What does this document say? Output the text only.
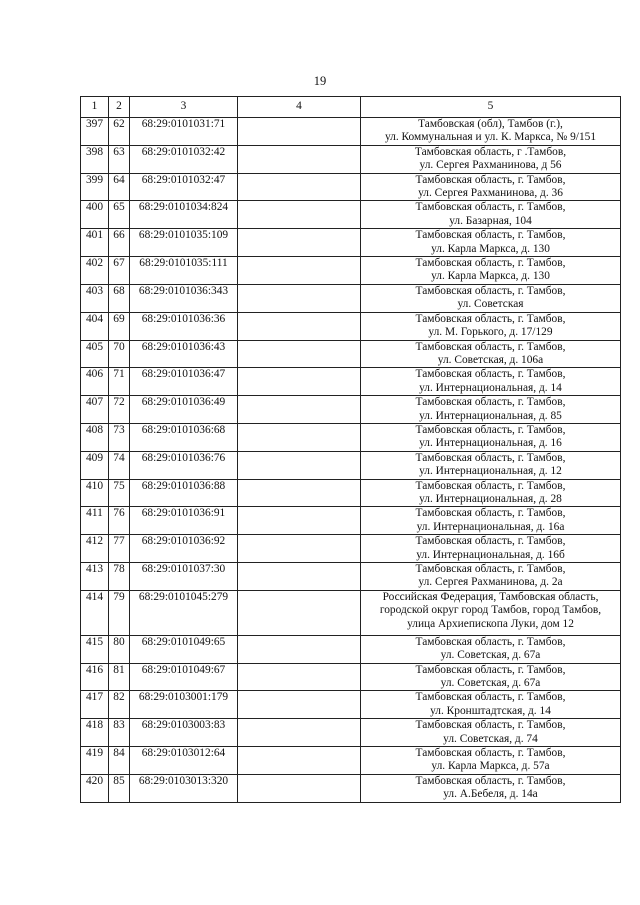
19
1	2	3	4	5
397	62	68:29:0101031:71		Тамбовская (обл), Тамбов (г.),
ул. Коммунальная и ул. К. Маркса, № 9/151

398	63	68:29:0101032:42		Тамбовская область, г .Тамбов,
ул. Сергея Рахманинова, д 56

399	64	68:29:0101032:47		Тамбовская область, г. Тамбов,
ул. Сергея Рахманинова, д. 36

400	65	68:29:0101034:824		Тамбовская область, г. Тамбов,
ул. Базарная, 104

401	66	68:29:0101035:109		Тамбовская область, г. Тамбов,
ул. Карла Маркса, д. 130

402	67	68:29:0101035:111		Тамбовская область, г. Тамбов,
ул. Карла Маркса, д. 130

403	68	68:29:0101036:343		Тамбовская область, г. Тамбов,
ул. Советская

404	69	68:29:0101036:36		Тамбовская область, г. Тамбов,
ул. М. Горького, д. 17/129

405	70	68:29:0101036:43		Тамбовская область, г. Тамбов,
ул. Советская, д. 106а

406	71	68:29:0101036:47		Тамбовская область, г. Тамбов,
ул. Интернациональная, д. 14

407	72	68:29:0101036:49		Тамбовская область, г. Тамбов,
ул. Интернациональная, д. 85

408	73	68:29:0101036:68		Тамбовская область, г. Тамбов,
ул. Интернациональная, д. 16

409	74	68:29:0101036:76		Тамбовская область, г. Тамбов,
ул. Интернациональная, д. 12

410	75	68:29:0101036:88		Тамбовская область, г. Тамбов,
ул. Интернациональная, д. 28

411	76	68:29:0101036:91		Тамбовская область, г. Тамбов,
ул. Интернациональная, д. 16а

412	77	68:29:0101036:92		Тамбовская область, г. Тамбов,
ул. Интернациональная, д. 16б

413	78	68:29:0101037:30		Тамбовская область, г. Тамбов,
ул. Сергея Рахманинова, д. 2а

414	79	68:29:0101045:279		Российская Федерация, Тамбовская область,
городской округ город Тамбов, город Тамбов,
улица Архиепископа Луки, дом 12

415	80	68:29:0101049:65		Тамбовская область, г. Тамбов,
ул. Советская, д. 67а

416	81	68:29:0101049:67		Тамбовская область, г. Тамбов,
ул. Советская, д. 67а

417	82	68:29:0103001:179		Тамбовская область, г. Тамбов,
ул. Кронштадтская, д. 14

418	83	68:29:0103003:83		Тамбовская область, г. Тамбов,
ул. Советская, д. 74

419	84	68:29:0103012:64		Тамбовская область, г. Тамбов,
ул. Карла Маркса, д. 57а

420	85	68:29:0103013:320		Тамбовская область, г. Тамбов,
ул. А.Бебеля, д. 14а
